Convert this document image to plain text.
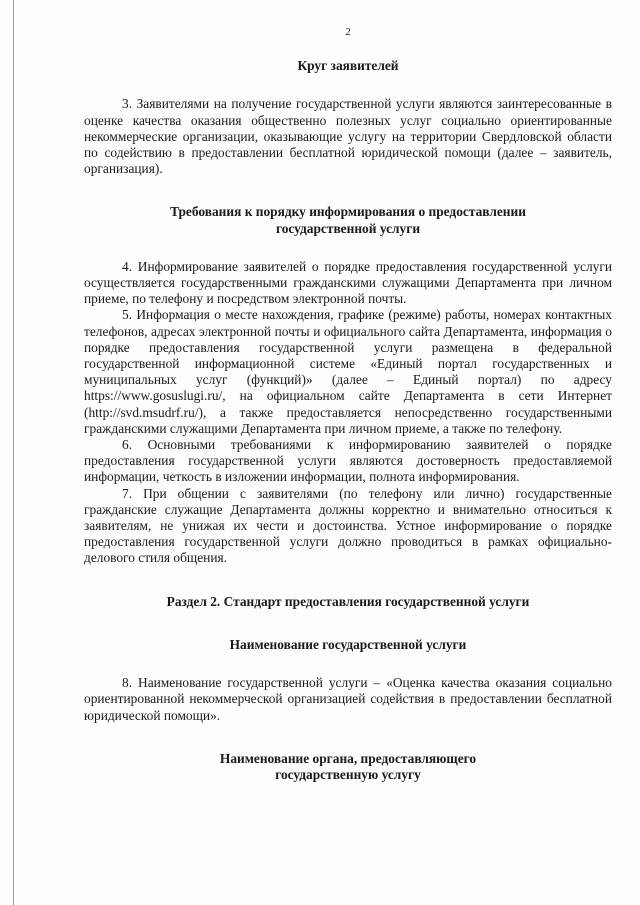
2
Круг заявителей

3. Заявителями на получение государственной услуги являются заинтересованные в оценке качества оказания общественно полезных услуг социально ориентированные некоммерческие организации, оказывающие услугу на территории Свердловской области по содействию в предоставлении бесплатной юридической помощи (далее – заявитель, организация).

Требования к порядку информирования о предоставлении
государственной услуги

4. Информирование заявителей о порядке предоставления государственной услуги осуществляется государственными гражданскими служащими Департамента при личном приеме, по телефону и посредством электронной почты.

5. Информация о месте нахождения, графике (режиме) работы, номерах контактных телефонов, адресах электронной почты и официального сайта Департамента, информация о порядке предоставления государственной услуги размещена в федеральной государственной информационной системе «Единый портал государственных и муниципальных услуг (функций)» (далее – Единый портал) по адресу https://www.gosuslugi.ru/, на официальном сайте Департамента в сети Интернет (http://svd.msudrf.ru/), а также предоставляется непосредственно государственными гражданскими служащими Департамента при личном приеме, а также по телефону.

6. Основными требованиями к информированию заявителей о порядке предоставления государственной услуги являются достоверность предоставляемой информации, четкость в изложении информации, полнота информирования.

7. При общении с заявителями (по телефону или лично) государственные гражданские служащие Департамента должны корректно и внимательно относиться к заявителям, не унижая их чести и достоинства. Устное информирование о порядке предоставления государственной услуги должно проводиться в рамках официально-делового стиля общения.

Раздел 2. Стандарт предоставления государственной услуги
Наименование государственной услуги

8. Наименование государственной услуги – «Оценка качества оказания социально ориентированной некоммерческой организацией содействия в предоставлении бесплатной юридической помощи».

Наименование органа, предоставляющего
государственную услугу
